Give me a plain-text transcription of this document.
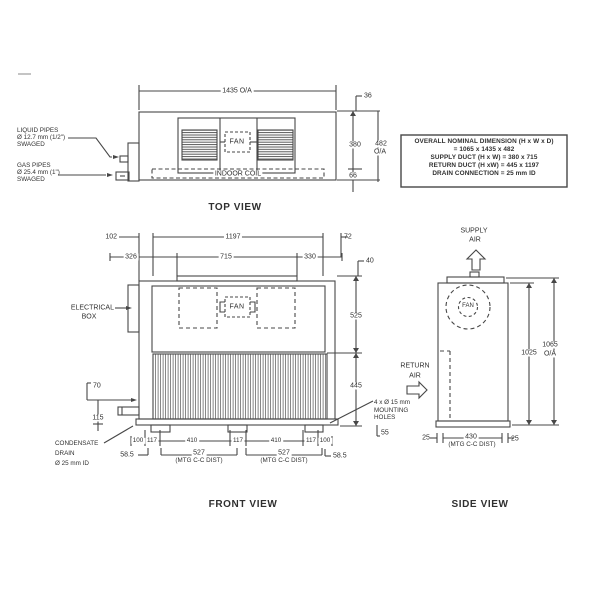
LIQUID PIPES
Ø 12.7 mm (1/2")
SWAGED
GAS PIPES
Ø 25.4 mm (1")
SWAGED
1435 O/A
36
380 482
O/A
66
FAN
INDOOR COIL
TOP VIEW
OVERALL NOMINAL DIMENSION (H x W x D)
= 1065 x 1435 x 482
SUPPLY DUCT (H x W) = 380 x 715
RETURN DUCT (H xW) = 445 x 1197
DRAIN CONNECTION = 25 mm ID
102	1197	72
326	715	330
40
525
445
ELECTRICAL
BOX
FAN
70
115
CONDENSATE
DRAIN
Ø 25 mm ID
4 x Ø 15 mm
MOUNTING
HOLES
55
100 117	410	117	410	117 100
58.5	527
(MTG C-C DIST)
527
(MTG C-C DIST)
58.5
FRONT VIEW
SUPPLY
AIR
FAN
RETURN
AIR
1025
1065
O/A
25	430
(MTG C-C DIST)
25
SIDE VIEW
